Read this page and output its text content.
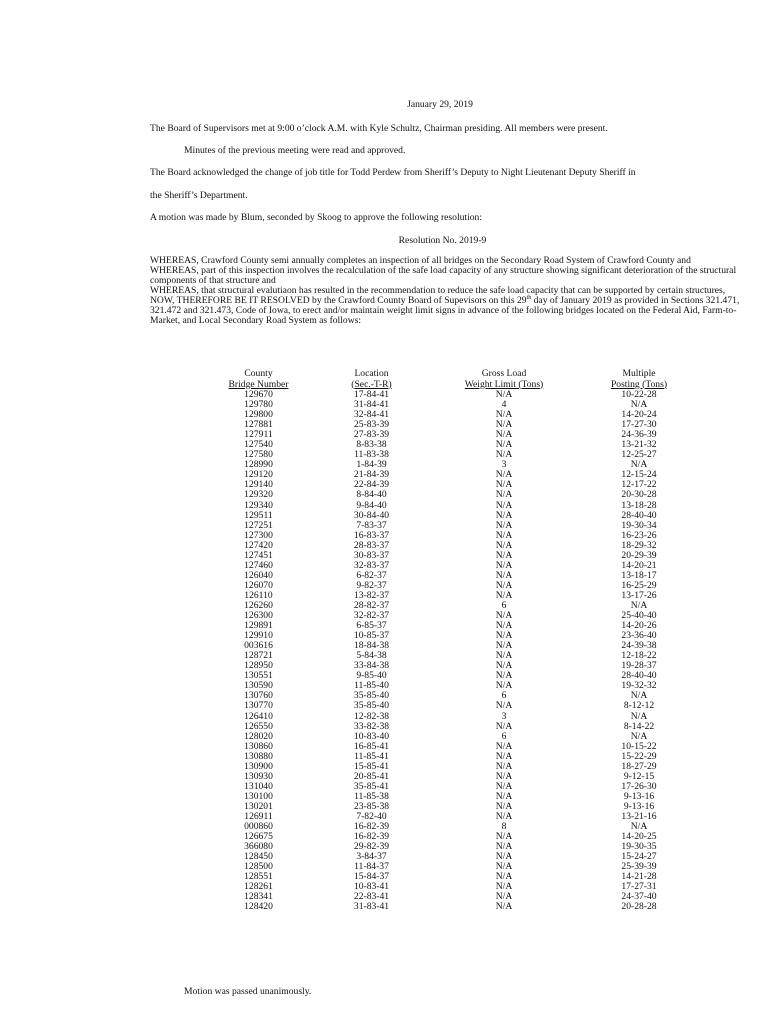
January 29, 2019
The Board of Supervisors met at 9:00 o’clock A.M. with Kyle Schultz, Chairman presiding. All members were present.
Minutes of the previous meeting were read and approved.
The Board acknowledged the change of job title for Todd Perdew from Sheriff’s Deputy to Night Lieutenant Deputy Sheriff in
the Sheriff’s Department.
A motion was made by Blum, seconded by Skoog to approve the following resolution:
Resolution No. 2019-9

WHEREAS, Crawford County semi annually completes an inspection of all bridges on the Secondary Road System of Crawford County and

WHEREAS, part of this inspection involves the recalculation of the safe load capacity of any structure showing significant deterioration of the structural components of that structure and

WHEREAS, that structural evalutiaon has resulted in the recommendation to reduce the safe load capacity that can be supported by certain structures,

NOW, THEREFORE BE IT RESOLVED by the Crawford County Board of Supevisors on this 29th day of January 2019 as provided in Sections 321.471, 321.472 and 321.473, Code of Iowa, to erect and/or maintain weight limit signs in advance of the following bridges located on the Federal Aid, Farm-to-Market, and Local Secondary Road System as follows:

County	Location	Gross Load	Multiple
Bridge Number	(Sec.-T-R)	Weight Limit (Tons)	Posting (Tons)
129670	17-84-41	N/A	10-22-28
129780	31-84-41	4	N/A
129800	32-84-41	N/A	14-20-24
127881	25-83-39	N/A	17-27-30
127911	27-83-39	N/A	24-36-39
127540	8-83-38	N/A	13-21-32
127580	11-83-38	N/A	12-25-27
128990	1-84-39	3	N/A
129120	21-84-39	N/A	12-15-24
129140	22-84-39	N/A	12-17-22
129320	8-84-40	N/A	20-30-28
129340	9-84-40	N/A	13-18-28
129511	30-84-40	N/A	28-40-40
127251	7-83-37	N/A	19-30-34
127300	16-83-37	N/A	16-23-26
127420	28-83-37	N/A	18-29-32
127451	30-83-37	N/A	20-29-39
127460	32-83-37	N/A	14-20-21
126040	6-82-37	N/A	13-18-17
126070	9-82-37	N/A	16-25-29
126110	13-82-37	N/A	13-17-26
126260	28-82-37	6	N/A
126300	32-82-37	N/A	25-40-40
129891	6-85-37	N/A	14-20-26
129910	10-85-37	N/A	23-36-40
003616	18-84-38	N/A	24-39-38
128721	5-84-38	N/A	12-18-22
128950	33-84-38	N/A	19-28-37
130551	9-85-40	N/A	28-40-40
130590	11-85-40	N/A	19-32-32
130760	35-85-40	6	N/A
130770	35-85-40	N/A	8-12-12
126410	12-82-38	3	N/A
126550	33-82-38	N/A	8-14-22
128020	10-83-40	6	N/A
130860	16-85-41	N/A	10-15-22
130880	11-85-41	N/A	15-22-29
130900	15-85-41	N/A	18-27-29
130930	20-85-41	N/A	9-12-15
131040	35-85-41	N/A	17-26-30
130100	11-85-38	N/A	9-13-16
130201	23-85-38	N/A	9-13-16
126911	7-82-40	N/A	13-21-16
000860	16-82-39	8	N/A
126675	16-82-39	N/A	14-20-25
366080	29-82-39	N/A	19-30-35
128450	3-84-37	N/A	15-24-27
128500	11-84-37	N/A	25-39-39
128551	15-84-37	N/A	14-21-28
128261	10-83-41	N/A	17-27-31
128341	22-83-41	N/A	24-37-40
128420	31-83-41	N/A	20-28-28
Motion was passed unanimously.
